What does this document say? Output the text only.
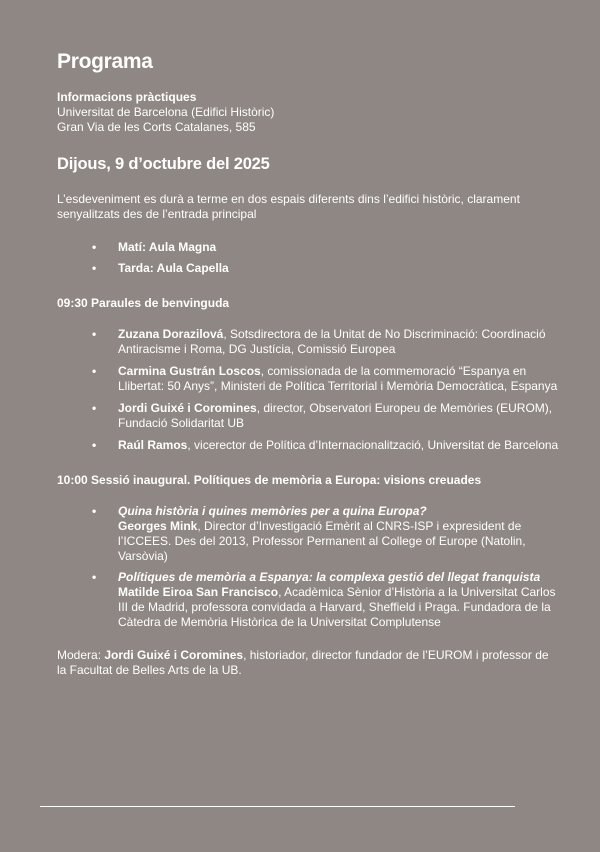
Programa
Informacions pràctiques
Universitat de Barcelona (Edifici Històric)
Gran Via de les Corts Catalanes, 585
Dijous, 9 d’octubre del 2025

L’esdeveniment es durà a terme en dos espais diferents dins l’edifici històric, clarament senyalitzats des de l’entrada principal

• Matí: Aula Magna
• Tarda: Aula Capella
09:30 Paraules de benvinguda
• Zuzana Dorazilová, Sotsdirectora de la Unitat de No Discriminació: Coordinació Antiracisme i Roma, DG Justícia, Comissió Europea
• Carmina Gustrán Loscos, comissionada de la commemoració “Espanya en Llibertat: 50 Anys”, Ministeri de Política Territorial i Memòria Democràtica, Espanya
• Jordi Guixé i Coromines, director, Observatori Europeu de Memòries (EUROM), Fundació Solidaritat UB
• Raúl Ramos, vicerector de Política d’Internacionalització, Universitat de Barcelona
10:00 Sessió inaugural. Polítiques de memòria a Europa: visions creuades
• Quina història i quines memòries per a quina Europa?
Georges Mink, Director d’Investigació Emèrit al CNRS-ISP i expresident de l’ICCEES. Des del 2013, Professor Permanent al College of Europe (Natolin, Varsòvia)
• Polítiques de memòria a Espanya: la complexa gestió del llegat franquista
Matilde Eiroa San Francisco, Acadèmica Sènior d’Història a la Universitat Carlos III de Madrid, professora convidada a Harvard, Sheffield i Praga. Fundadora de la Càtedra de Memòria Històrica de la Universitat Complutense
Modera: Jordi Guixé i Coromines, historiador, director fundador de l’EUROM i professor de la Facultat de Belles Arts de la UB.
